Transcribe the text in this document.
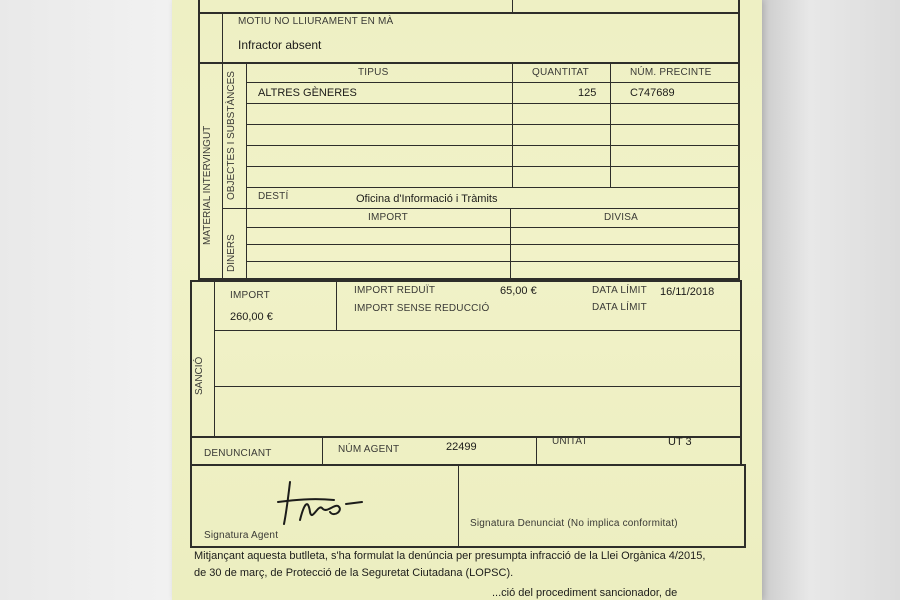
MOTIU NO LLIURAMENT EN MÀ
Infractor absent
MATERIAL INTERVINGUT OBJECTES I SUBSTÀNCES	TIPUS	QUANTITAT	NÚM. PRECINTE
ALTRES GÈNERES	125	C747689
DESTÍ	Oficina d'Informació i Tràmits
DINERS
IMPORT	DIVISA
SANCIÓ
IMPORT
260,00 €
IMPORT REDUÏT	65,00 €	DATA LÍMIT 16/11/2018
IMPORT SENSE REDUCCIÓ	DATA LÍMIT
DENUNCIANT	NÚM AGENT	22499	UNITAT	UT 3
Signatura Agent
Signatura Denunciat (No implica conformitat)
Mitjançant aquesta butlleta, s'ha formulat la denúncia per presumpta infracció de la Llei Orgànica 4/2015,
de 30 de març, de Protecció de la Seguretat Ciutadana (LOPSC).
...ció del procediment sancionador, de
